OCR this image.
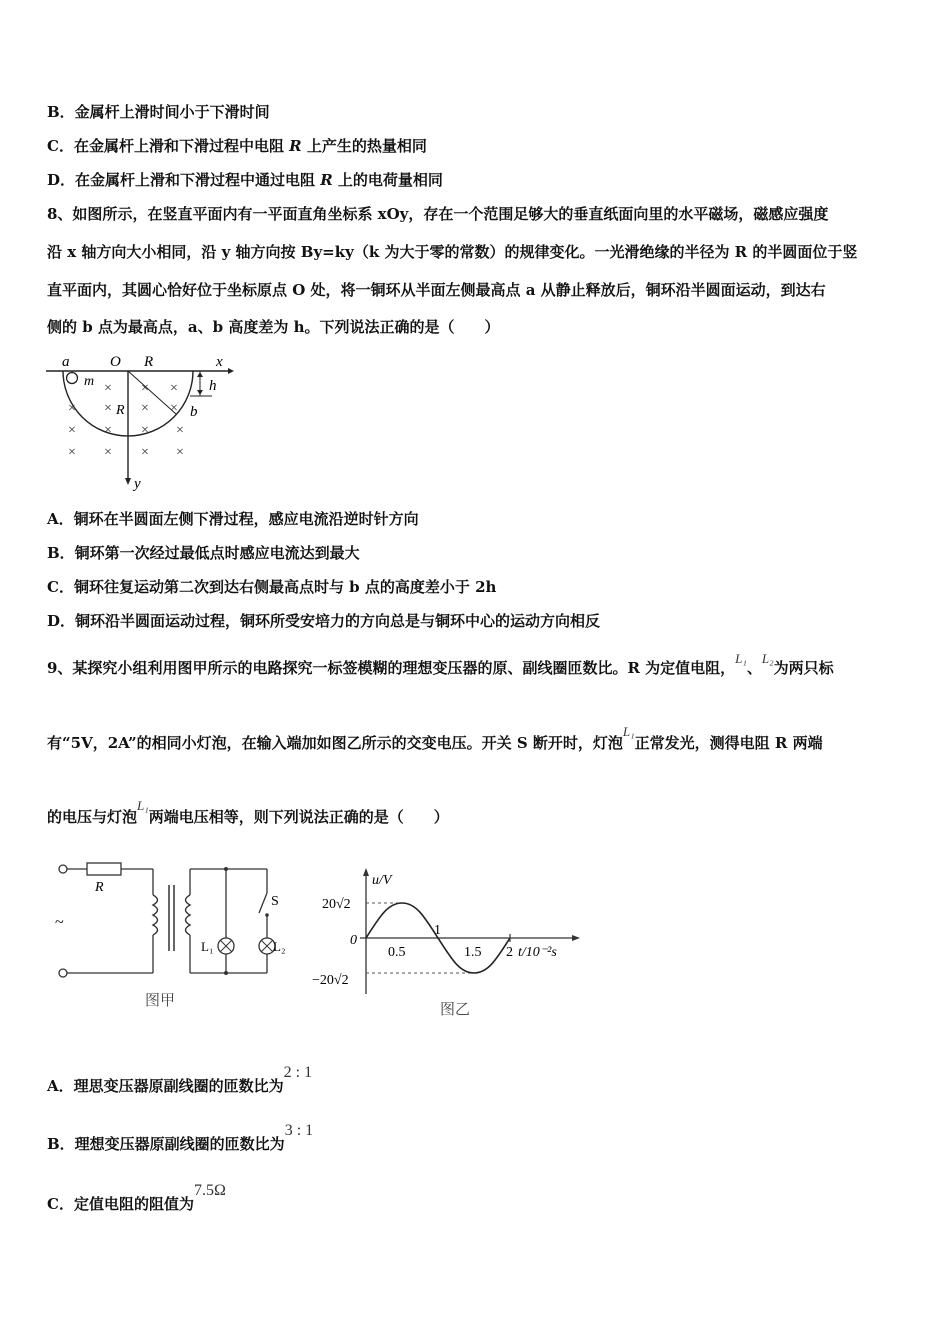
B．金属杆上滑时间小于下滑时间
C．在金属杆上滑和下滑过程中电阻 R 上产生的热量相同
D．在金属杆上滑和下滑过程中通过电阻 R 上的电荷量相同
8、如图所示，在竖直平面内有一平面直角坐标系 xOy，存在一个范围足够大的垂直纸面向里的水平磁场，磁感应强度
沿 x 轴方向大小相同，沿 y 轴方向按 By=ky（k 为大于零的常数）的规律变化。一光滑绝缘的半径为 R 的半圆面位于竖
直平面内，其圆心恰好位于坐标原点 O 处，将一铜环从半面左侧最高点 a 从静止释放后，铜环沿半圆面运动，到达右
侧的 b 点为最高点，a、b 高度差为 h。下列说法正确的是（　　）
a	O R	x
y
m
R
h
b
× × ×
× × × ×
× × × ×
× × × ×
A．铜环在半圆面左侧下滑过程，感应电流沿逆时针方向
B．铜环第一次经过最低点时感应电流达到最大
C．铜环往复运动第二次到达右侧最高点时与 b 点的高度差小于 2h
D．铜环沿半圆面运动过程，铜环所受安培力的方向总是与铜环中心的运动方向相反
9、某探究小组利用图甲所示的电路探究一标签模糊的理想变压器的原、副线圈匝数比。R 为定值电阻，L₁、L₂为两只标
有“5V，2A”的相同小灯泡，在输入端加如图乙所示的交变电压。开关 S 断开时，灯泡L₁正常发光，测得电阻 R 两端
的电压与灯泡L₁两端电压相等，则下列说法正确的是（　　）
~
R
L₁
S
L₂
图甲
u/V
20√2
−20√2
0
0.5
1
1.5 2 t/10⁻²s
图乙
A．理思变压器原副线圈的匝数比为2 : 1
B．理想变压器原副线圈的匝数比为3 : 1
C．定值电阻的阻值为7.5Ω
